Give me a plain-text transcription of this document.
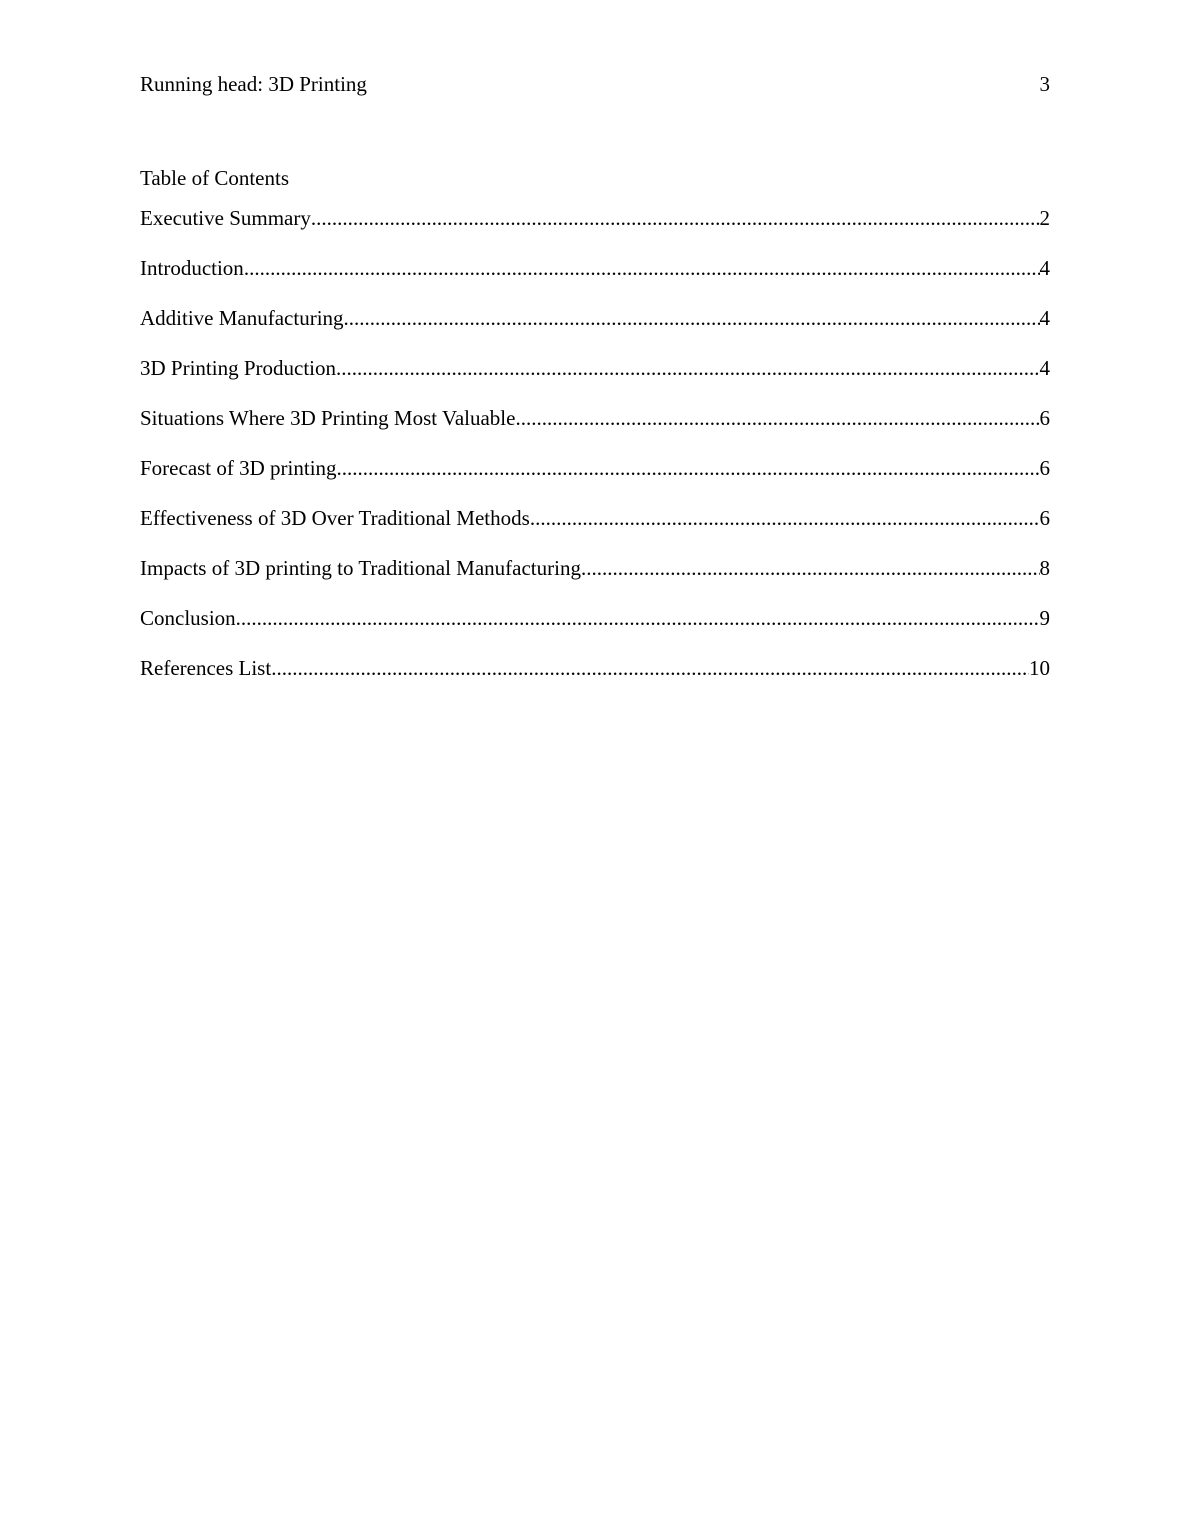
Running head: 3D Printing	3
Table of Contents
Executive Summary .....	2
Introduction .....	4
Additive Manufacturing .....	4
3D Printing Production .....	4
Situations Where 3D Printing Most Valuable .....	6
Forecast of 3D printing .....	6
Effectiveness of 3D Over Traditional Methods .....	6
Impacts of 3D printing to Traditional Manufacturing .....	8
Conclusion .....	9
References List .....	10
